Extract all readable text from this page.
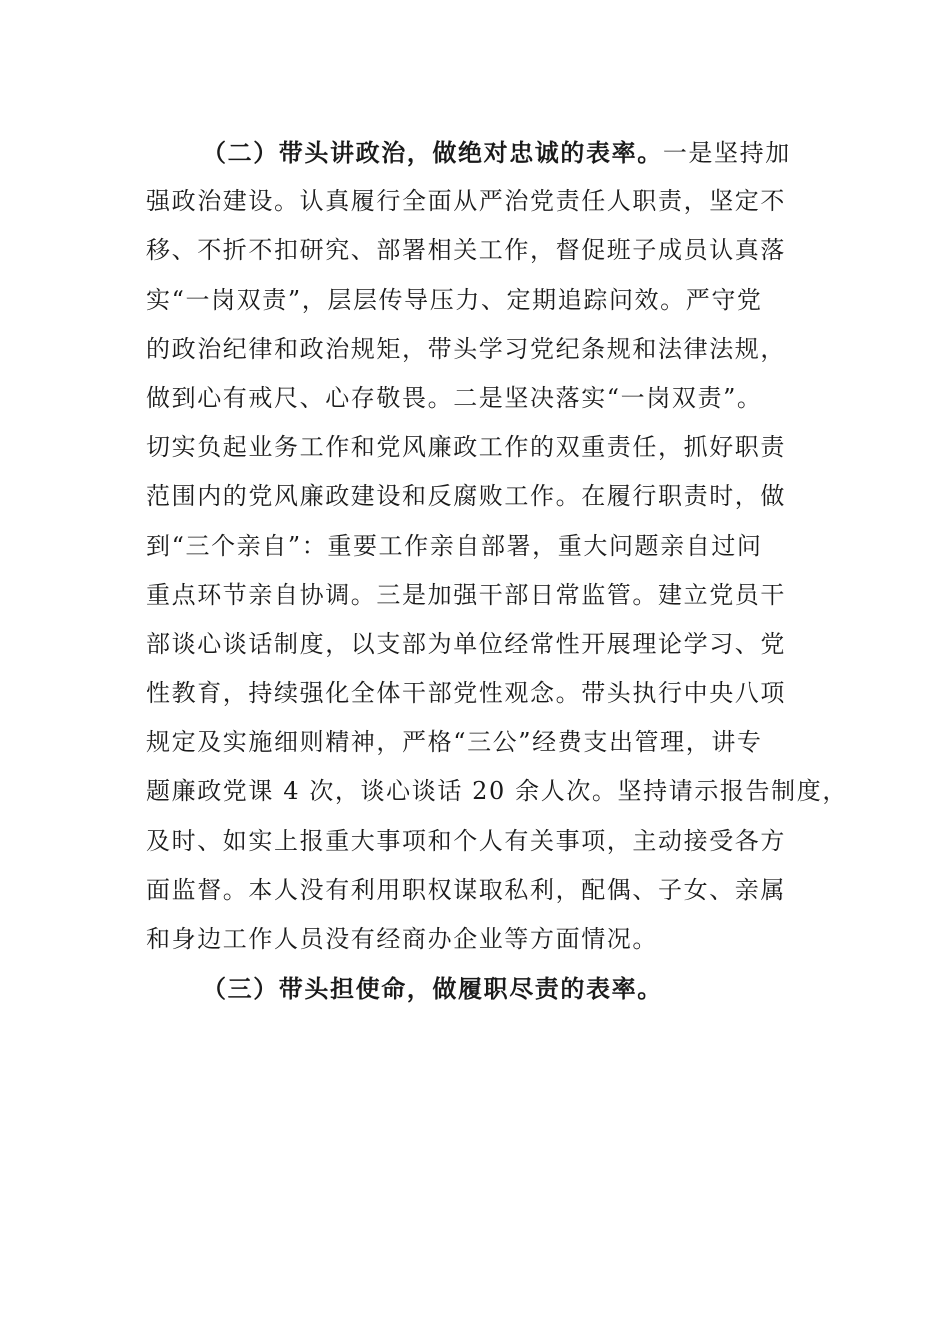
（二）带头讲政治，做绝对忠诚的表率。一是坚持加
强政治建设。认真履行全面从严治党责任人职责，坚定不
移、不折不扣研究、部署相关工作，督促班子成员认真落
实“一岗双责”，层层传导压力、定期追踪问效。严守党
的政治纪律和政治规矩，带头学习党纪条规和法律法规，
做到心有戒尺、心存敬畏。二是坚决落实“一岗双责”。
切实负起业务工作和党风廉政工作的双重责任，抓好职责
范围内的党风廉政建设和反腐败工作。在履行职责时，做
到“三个亲自”：重要工作亲自部署，重大问题亲自过问
重点环节亲自协调。三是加强干部日常监管。建立党员干
部谈心谈话制度，以支部为单位经常性开展理论学习、党
性教育，持续强化全体干部党性观念。带头执行中央八项
规定及实施细则精神，严格“三公”经费支出管理，讲专
题廉政党课 4 次，谈心谈话 20 余人次。坚持请示报告制度，
及时、如实上报重大事项和个人有关事项，主动接受各方
面监督。本人没有利用职权谋取私利，配偶、子女、亲属
和身边工作人员没有经商办企业等方面情况。
（三）带头担使命，做履职尽责的表率。
